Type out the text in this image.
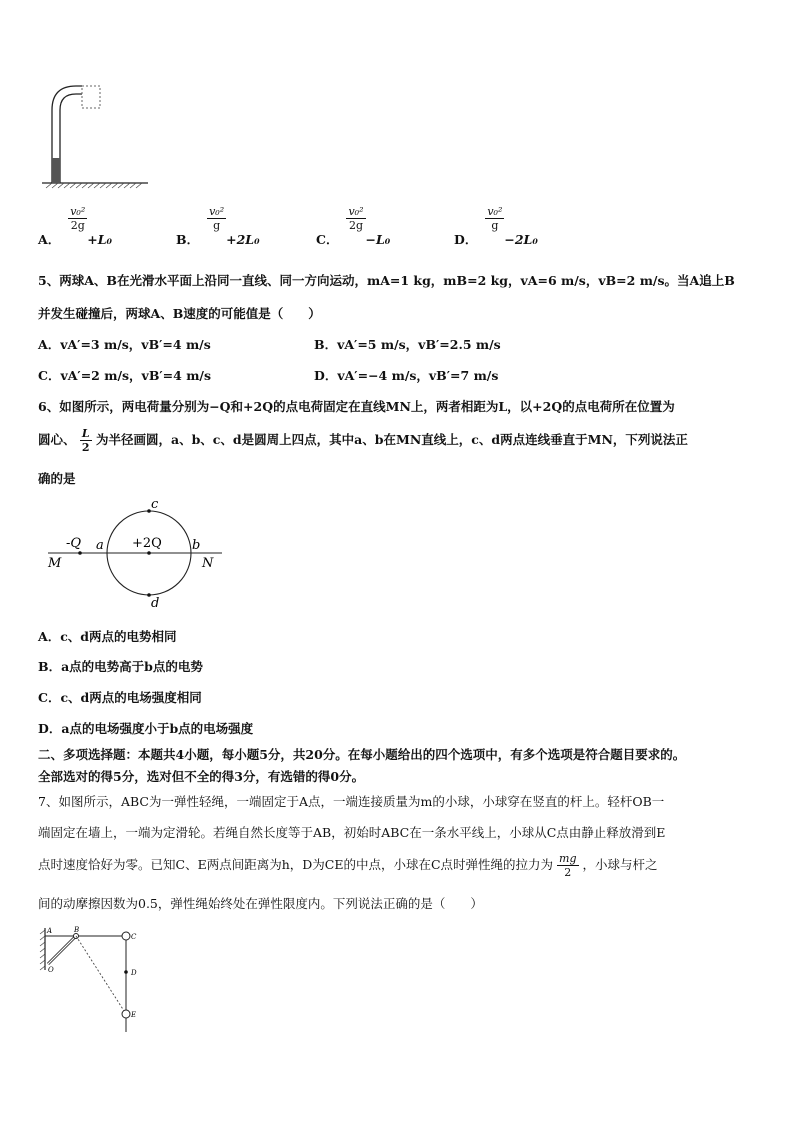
A．
$\frac{\text{v₀²}}{2g}$
+L₀	B．
$\frac{\text{v₀²}}{g}$
+2L₀	C．
$\frac{\text{v₀²}}{2g}$
−L₀	D．
$\frac{\text{v₀²}}{g}$
−2L₀
5、两球A、B在光滑水平面上沿同一直线、同一方向运动，mA=1 kg，mB=2 kg，vA=6 m/s，vB=2 m/s。当A追上B
并发生碰撞后，两球A、B速度的可能值是（　　）
A．vA′=3 m/s，vB′=4 m/s	B．vA′=5 m/s，vB′=2.5 m/s
C．vA′=2 m/s，vB′=4 m/s	D．vA′=−4 m/s，vB′=7 m/s
6、如图所示，两电荷量分别为−Q和+2Q的点电荷固定在直线MN上，两者相距为L，以+2Q的点电荷所在位置为
圆心、 $\frac{L}{2}$ 为半径画圆，a、b、c、d是圆周上四点，其中a、b在MN直线上，c、d两点连线垂直于MN，下列说法正
确的是
c
d
a	b
-Q	+2Q
M	N
A．c、d两点的电势相同
B．a点的电势高于b点的电势
C．c、d两点的电场强度相同
D．a点的电场强度小于b点的电场强度
二、多项选择题：本题共4小题，每小题5分，共20分。在每小题给出的四个选项中，有多个选项是符合题目要求的。
全部选对的得5分，选对但不全的得3分，有选错的得0分。
7、如图所示，ABC为一弹性轻绳，一端固定于A点，一端连接质量为m的小球，小球穿在竖直的杆上。轻杆OB一
端固定在墙上，一端为定滑轮。若绳自然长度等于AB，初始时ABC在一条水平线上，小球从C点由静止释放滑到E
点时速度恰好为零。已知C、E两点间距离为h，D为CE的中点，小球在C点时弹性绳的拉力为 $\frac{mg}{2}$ ，小球与杆之
间的动摩擦因数为0.5，弹性绳始终处在弹性限度内。下列说法正确的是（　　）
A	B
C
D
E
O
